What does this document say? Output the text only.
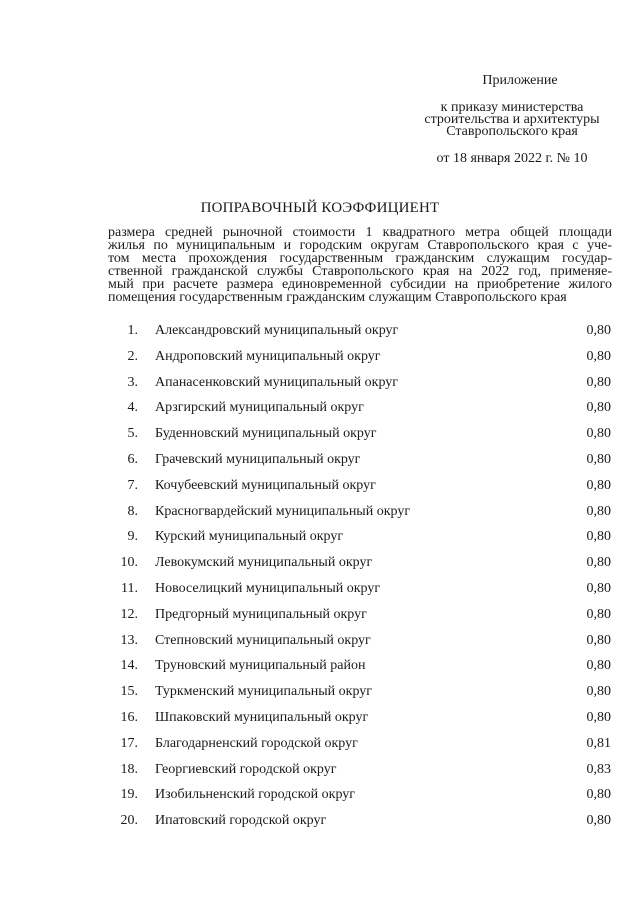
Приложение
к приказу министерства
строительства и архитектуры
Ставропольского края
от 18 января 2022 г. № 10
ПОПРАВОЧНЫЙ КОЭФФИЦИЕНТ
размера средней рыночной стоимости 1 квадратного метра общей площади
жилья по муниципальным и городским округам Ставропольского края с уче-
том места прохождения государственным гражданским служащим государ-
ственной гражданской службы Ставропольского края на 2022 год, применяе-
мый при расчете размера единовременной субсидии на приобретение жилого
помещения государственным гражданским служащим Ставропольского края
1. Александровский муниципальный округ	0,80
2. Андроповский муниципальный округ	0,80
3. Апанасенковский муниципальный округ	0,80
4. Арзгирский муниципальный округ	0,80
5. Буденновский муниципальный округ	0,80
6. Грачевский муниципальный округ	0,80
7. Кочубеевский муниципальный округ	0,80
8. Красногвардейский муниципальный округ	0,80
9. Курский муниципальный округ	0,80
10. Левокумский муниципальный округ	0,80
11. Новоселицкий муниципальный округ	0,80
12. Предгорный муниципальный округ	0,80
13. Степновский муниципальный округ	0,80
14. Труновский муниципальный район	0,80
15. Туркменский муниципальный округ	0,80
16. Шпаковский муниципальный округ	0,80
17. Благодарненский городской округ	0,81
18. Георгиевский городской округ	0,83
19. Изобильненский городской округ	0,80
20. Ипатовский городской округ	0,80
